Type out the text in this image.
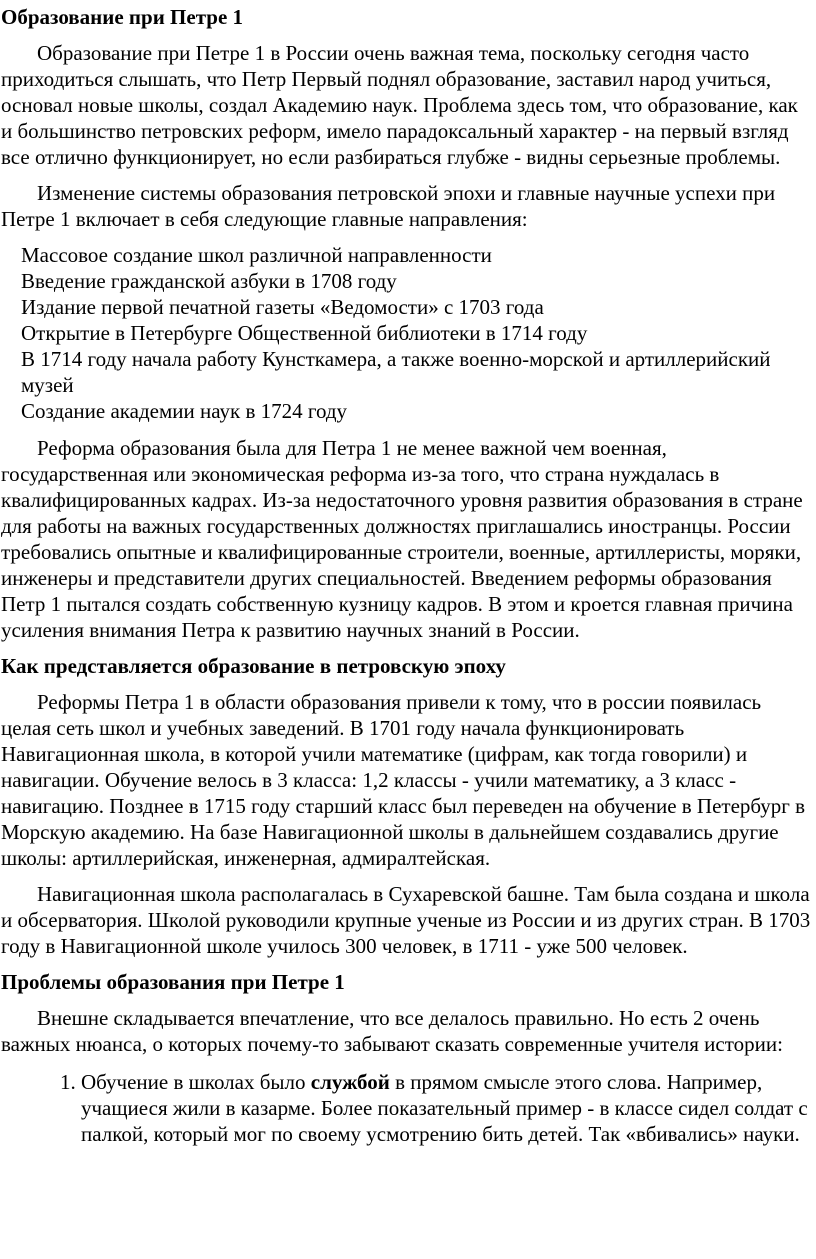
Образование при Петре 1

Образование при Петре 1 в России очень важная тема, поскольку сегодня часто приходиться слышать, что Петр Первый поднял образование, заставил народ учиться, основал новые школы, создал Академию наук. Проблема здесь том, что образование, как и большинство петровских реформ, имело парадоксальный характер - на первый взгляд все отлично функционирует, но если разбираться глубже - видны серьезные проблемы.

Изменение системы образования петровской эпохи и главные научные успехи при Петре 1 включает в себя следующие главные направления:

Массовое создание школ различной направленности
Введение гражданской азбуки в 1708 году
Издание первой печатной газеты «Ведомости» с 1703 года
Открытие в Петербурге Общественной библиотеки в 1714 году
В 1714 году начала работу Кунсткамера, а также военно-морской и артиллерийский музей
Создание академии наук в 1724 году

Реформа образования была для Петра 1 не менее важной чем военная, государственная или экономическая реформа из-за того, что страна нуждалась в квалифицированных кадрах. Из-за недостаточного уровня развития образования в стране для работы на важных государственных должностях приглашались иностранцы. России требовались опытные и квалифицированные строители, военные, артиллеристы, моряки, инженеры и представители других специальностей. Введением реформы образования Петр 1 пытался создать собственную кузницу кадров. В этом и кроется главная причина усиления внимания Петра к развитию научных знаний в России.

Как представляется образование в петровскую эпоху

Реформы Петра 1 в области образования привели к тому, что в россии появилась целая сеть школ и учебных заведений. В 1701 году начала функционировать Навигационная школа, в которой учили математике (цифрам, как тогда говорили) и навигации. Обучение велось в 3 класса: 1,2 классы - учили математику, а 3 класс - навигацию. Позднее в 1715 году старший класс был переведен на обучение в Петербург в Морскую академию. На базе Навигационной школы в дальнейшем создавались другие школы: артиллерийская, инженерная, адмиралтейская.

Навигационная школа располагалась в Сухаревской башне. Там была создана и школа и обсерватория. Школой руководили крупные ученые из России и из других стран. В 1703 году в Навигационной школе училось 300 человек, в 1711 - уже 500 человек.

Проблемы образования при Петре 1

Внешне складывается впечатление, что все делалось правильно. Но есть 2 очень важных нюанса, о которых почему-то забывают сказать современные учителя истории:

1. Обучение в школах было службой в прямом смысле этого слова. Например, учащиеся жили в казарме. Более показательный пример - в классе сидел солдат с палкой, который мог по своему усмотрению бить детей. Так «вбивались» науки.
